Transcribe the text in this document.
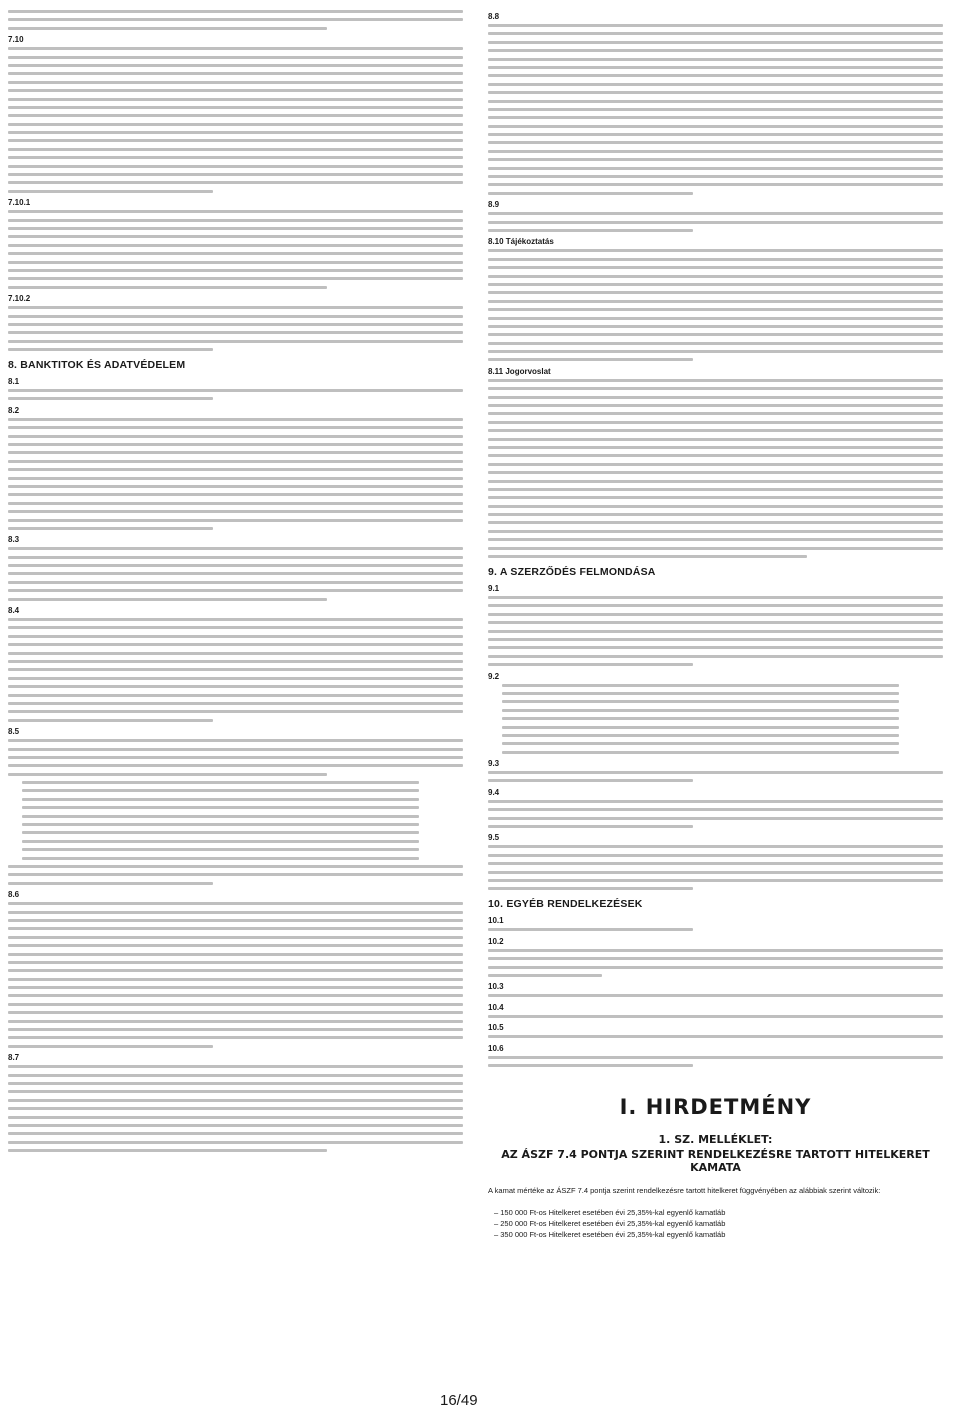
7.10
7.10.1
7.10.2
8. BANKTITOK ÉS ADATVÉDELEM
8.1
8.2
8.3
8.4
8.5
8.6
8.7
8.8
8.9
8.10 Tájékoztatás
8.11 Jogorvoslat
9. A SZERZŐDÉS FELMONDÁSA
9.1
9.2
9.3
9.4
9.5
10. EGYÉB RENDELKEZÉSEK
10.1
10.2
10.3
10.4
10.5
10.6
I. HIRDETMÉNY
1. SZ. MELLÉKLET:
AZ ÁSZF 7.4 PONTJA SZERINT RENDELKEZÉSRE TARTOTT HITELKERET KAMATA
A kamat mértéke az ÁSZF 7.4 pontja szerint rendelkezésre tartott hitelkeret függvényében az alábbiak szerint változik:
– 150 000 Ft-os Hitelkeret esetében évi 25,35%-kal egyenlő kamatláb
– 250 000 Ft-os Hitelkeret esetében évi 25,35%-kal egyenlő kamatláb
– 350 000 Ft-os Hitelkeret esetében évi 25,35%-kal egyenlő kamatláb
16/49
